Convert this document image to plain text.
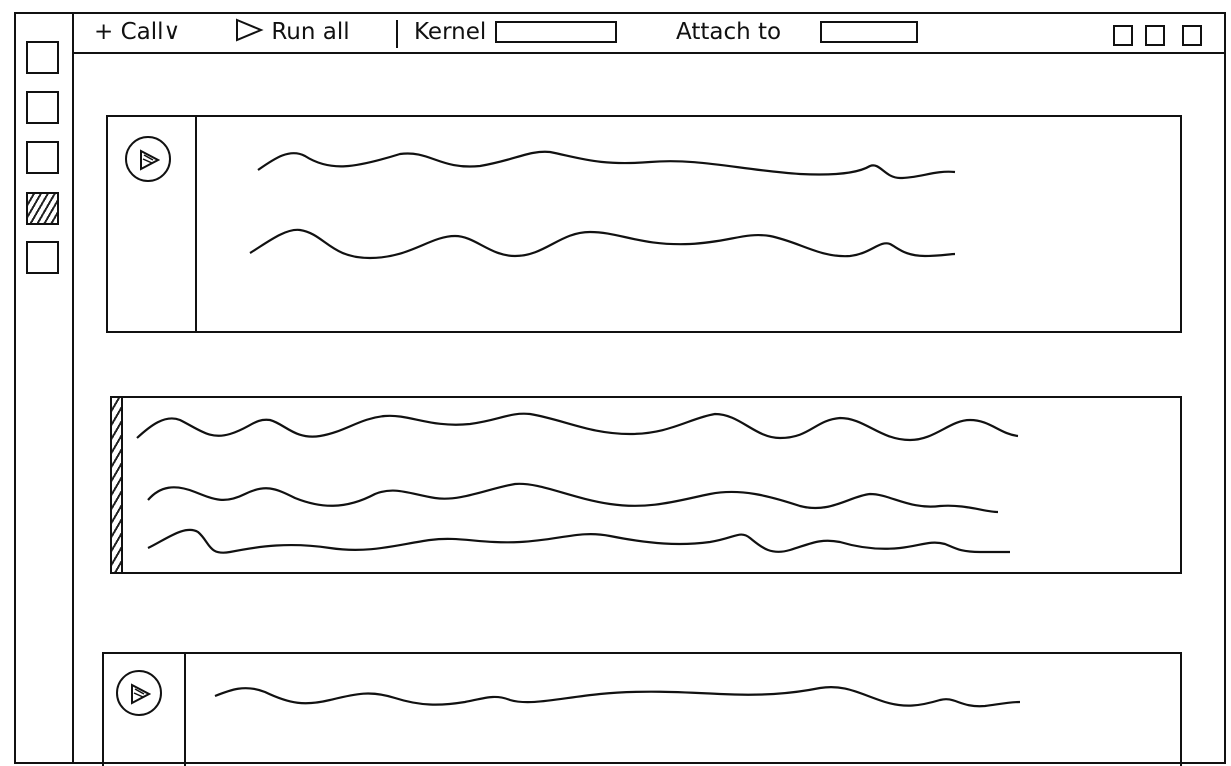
+ Call∨	Run all	Kernel	Attach to
